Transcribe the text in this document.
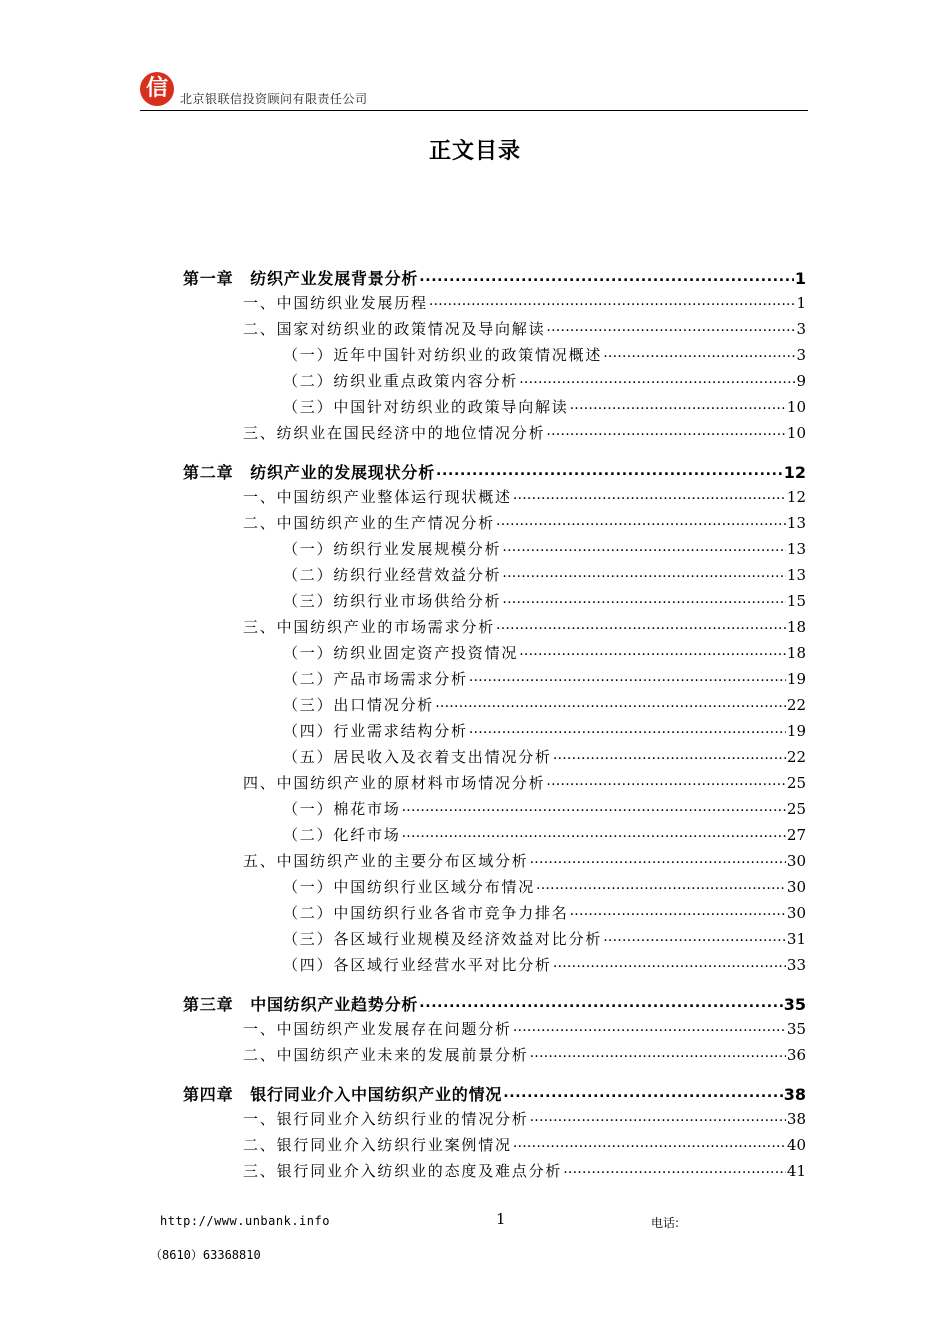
信	北京银联信投资顾问有限责任公司
正文目录
第一章　纺织产业发展背景分析 . . .	1
一、中国纺织业发展历程 . . .	1
二、国家对纺织业的政策情况及导向解读 . . .	3
（一）近年中国针对纺织业的政策情况概述 . . .	3
（二）纺织业重点政策内容分析 . . .	9
（三）中国针对纺织业的政策导向解读 . . .	10
三、纺织业在国民经济中的地位情况分析 . . .	10
第二章　纺织产业的发展现状分析 . . .	12
一、中国纺织产业整体运行现状概述 . . .	12
二、中国纺织产业的生产情况分析 . . .	13
（一）纺织行业发展规模分析 . . .	13
（二）纺织行业经营效益分析 . . .	13
（三）纺织行业市场供给分析 . . .	15
三、中国纺织产业的市场需求分析 . . .	18
（一）纺织业固定资产投资情况 . . .	18
（二）产品市场需求分析 . . .	19
（三）出口情况分析 . . .	22
（四）行业需求结构分析 . . .	19
（五）居民收入及衣着支出情况分析 . . .	22
四、中国纺织产业的原材料市场情况分析 . . .	25
（一）棉花市场 . . .	25
（二）化纤市场 . . .	27
五、中国纺织产业的主要分布区域分析 . . .	30
（一）中国纺织行业区域分布情况 . . .	30
（二）中国纺织行业各省市竞争力排名 . . .	30
（三）各区域行业规模及经济效益对比分析 . . .	31
（四）各区域行业经营水平对比分析 . . .	33
第三章　中国纺织产业趋势分析 . . .	35
一、中国纺织产业发展存在问题分析 . . .	35
二、中国纺织产业未来的发展前景分析 . . .	36
第四章　银行同业介入中国纺织产业的情况 . . .	38
一、银行同业介入纺织行业的情况分析 . . .	38
二、银行同业介入纺织行业案例情况 . . .	40
三、银行同业介入纺织业的态度及难点分析 . . .	41
http://www.unbank.info	1	电话:
（8610）63368810
